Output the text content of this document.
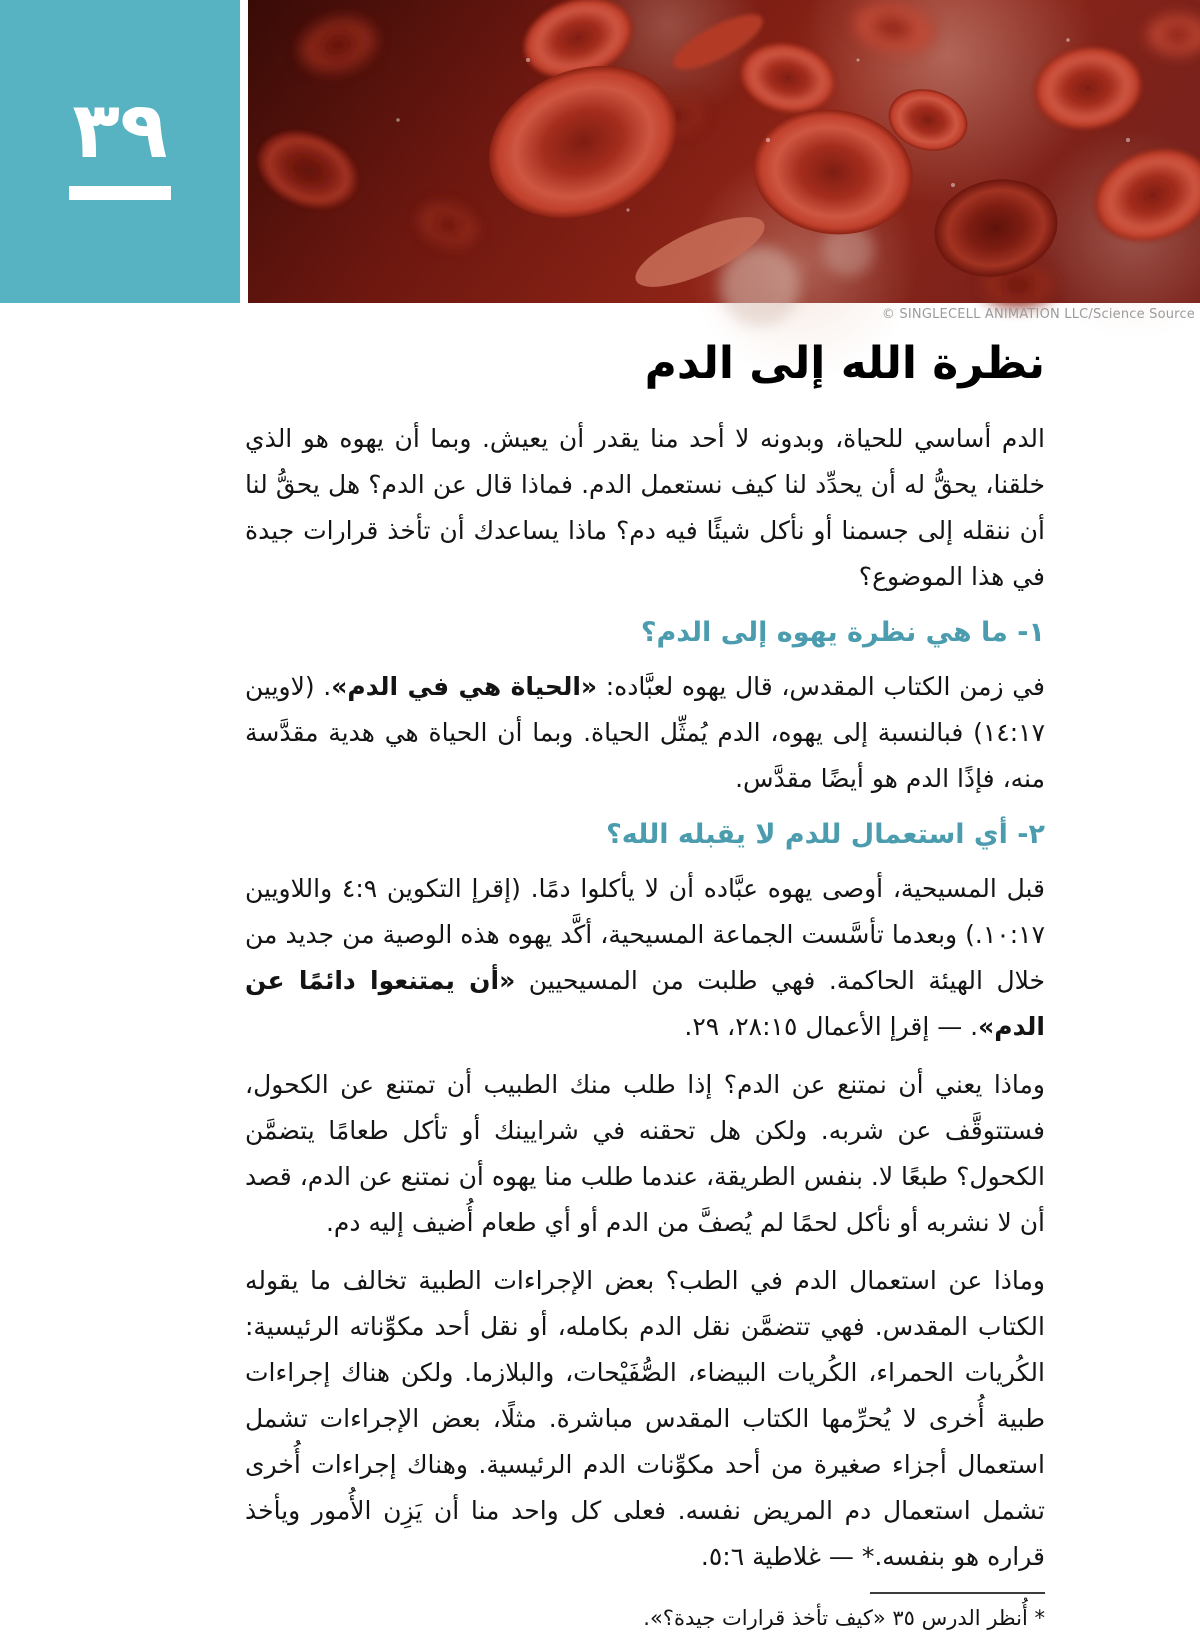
٣٩
© SINGLECELL ANIMATION LLC/Science Source
نظرة الله إلى الدم

الدم أساسي للحياة، وبدونه لا أحد منا يقدر أن يعيش. وبما أن يهوه هو الذي خلقنا، يحقُّ له أن يحدِّد لنا كيف نستعمل الدم. فماذا قال عن الدم؟ هل يحقُّ لنا أن ننقله إلى جسمنا أو نأكل شيئًا فيه دم؟ ماذا يساعدك أن تأخذ قرارات جيدة في هذا الموضوع؟

١- ما هي نظرة يهوه إلى الدم؟

في زمن الكتاب المقدس، قال يهوه لعبَّاده: «الحياة هي في الدم». (لاويين ١٤:١٧) فبالنسبة إلى يهوه، الدم يُمثِّل الحياة. وبما أن الحياة هي هدية مقدَّسة منه، فإذًا الدم هو أيضًا مقدَّس.

٢- أي استعمال للدم لا يقبله الله؟

قبل المسيحية، أوصى يهوه عبَّاده أن لا يأكلوا دمًا. (إقرإ التكوين ٤:٩ واللاويين ١٠:١٧.) وبعدما تأسَّست الجماعة المسيحية، أكَّد يهوه هذه الوصية من جديد من خلال الهيئة الحاكمة. فهي طلبت من المسيحيين «أن يمتنعوا دائمًا عن الدم». — إقرإ الأعمال ٢٨:١٥، ٢٩.

وماذا يعني أن نمتنع عن الدم؟ إذا طلب منك الطبيب أن تمتنع عن الكحول، فستتوقَّف عن شربه. ولكن هل تحقنه في شرايينك أو تأكل طعامًا يتضمَّن الكحول؟ طبعًا لا. بنفس الطريقة، عندما طلب منا يهوه أن نمتنع عن الدم، قصد أن لا نشربه أو نأكل لحمًا لم يُصفَّ من الدم أو أي طعام أُضيف إليه دم.

وماذا عن استعمال الدم في الطب؟ بعض الإجراءات الطبية تخالف ما يقوله الكتاب المقدس. فهي تتضمَّن نقل الدم بكامله، أو نقل أحد مكوِّناته الرئيسية: الكُريات الحمراء، الكُريات البيضاء، الصُّفَيْحات، والبلازما. ولكن هناك إجراءات طبية أُخرى لا يُحرِّمها الكتاب المقدس مباشرة. مثلًا، بعض الإجراءات تشمل استعمال أجزاء صغيرة من أحد مكوِّنات الدم الرئيسية. وهناك إجراءات أُخرى تشمل استعمال دم المريض نفسه. فعلى كل واحد منا أن يَزِن الأُمور ويأخذ قراره هو بنفسه.* — غلاطية ٥:٦.

* أُنظر الدرس ٣٥ «كيف تأخذ قرارات جيدة؟».
